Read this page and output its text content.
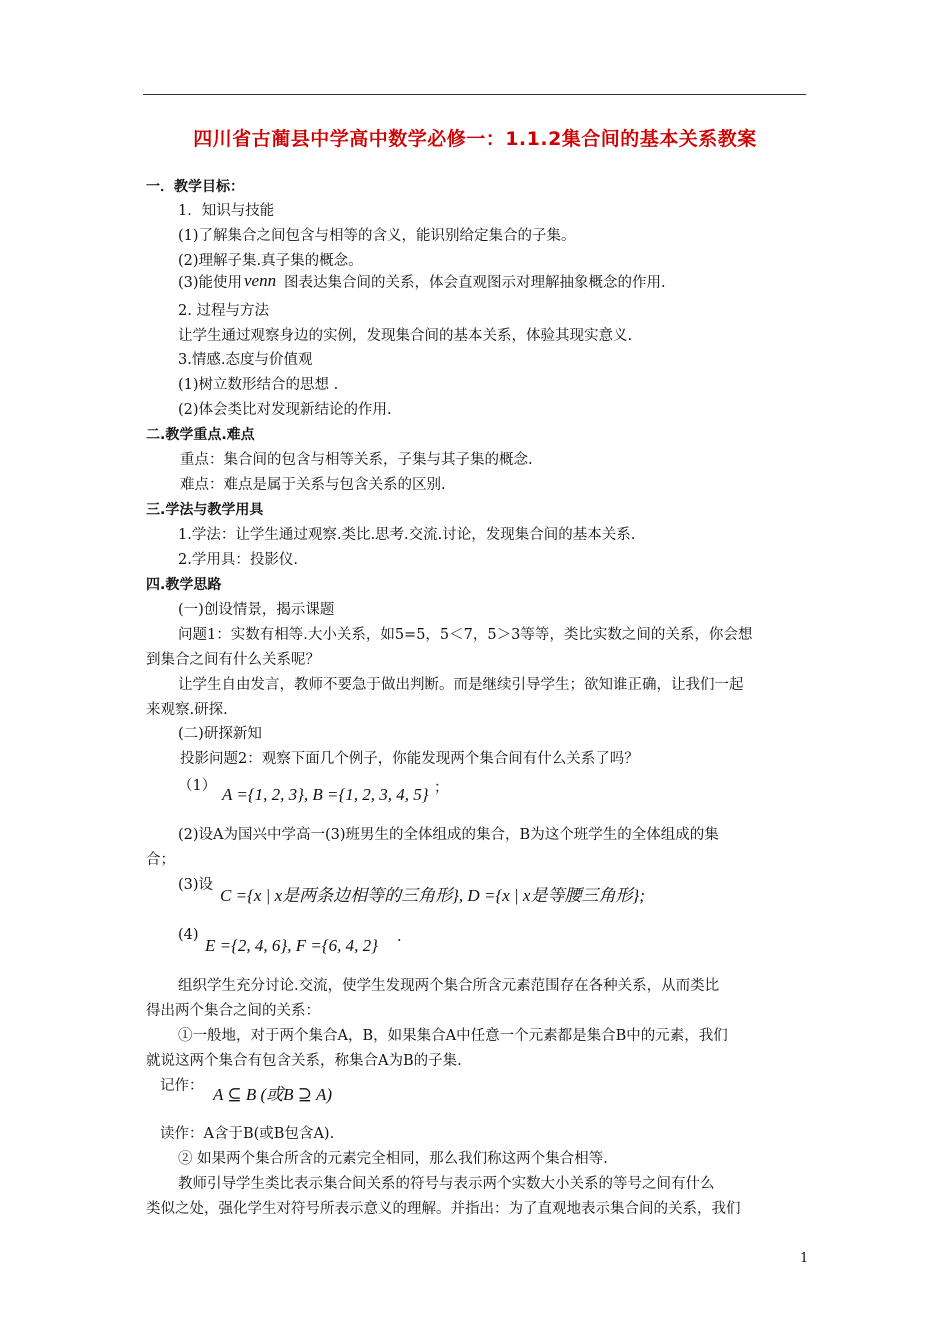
四川省古蔺县中学高中数学必修一：1.1.2集合间的基本关系教案
一．教学目标：
1．知识与技能
(1)了解集合之间包含与相等的含义，能识别给定集合的子集。
(2)理解子集.真子集的概念。
(3)能使用 venn 图表达集合间的关系，体会直观图示对理解抽象概念的作用.
2. 过程与方法
让学生通过观察身边的实例，发现集合间的基本关系，体验其现实意义.
3.情感.态度与价值观
(1)树立数形结合的思想 .
(2)体会类比对发现新结论的作用.
二.教学重点.难点
重点：集合间的包含与相等关系，子集与其子集的概念.
难点：难点是属于关系与包含关系的区别.
三.学法与教学用具
1.学法：让学生通过观察.类比.思考.交流.讨论，发现集合间的基本关系.
2.学用具：投影仪.
四.教学思路
(一)创设情景，揭示课题
问题1：实数有相等.大小关系，如5=5，5＜7，5＞3等等，类比实数之间的关系，你会想
到集合之间有什么关系呢？
让学生自由发言，教师不要急于做出判断。而是继续引导学生；欲知谁正确，让我们一起
来观察.研探.
(二)研探新知
投影问题2：观察下面几个例子，你能发现两个集合间有什么关系了吗？
（1） A ={1, 2, 3}, B ={1, 2, 3, 4, 5} ；
(2)设A为国兴中学高一(3)班男生的全体组成的集合，B为这个班学生的全体组成的集
合；
(3)设
C ={x | x是两条边相等的三角形}, D ={x | x是等腰三角形};
(4)
E ={2, 4, 6}, F ={6, 4, 2} .
组织学生充分讨论.交流，使学生发现两个集合所含元素范围存在各种关系，从而类比
得出两个集合之间的关系：
①一般地，对于两个集合A，B，如果集合A中任意一个元素都是集合B中的元素，我们
就说这两个集合有包含关系，称集合A为B的子集.
记作： A ⊆ B (或B ⊇ A)
读作：A含于B(或B包含A).
② 如果两个集合所含的元素完全相同，那么我们称这两个集合相等.
教师引导学生类比表示集合间关系的符号与表示两个实数大小关系的等号之间有什么
类似之处，强化学生对符号所表示意义的理解。并指出：为了直观地表示集合间的关系，我们
1
